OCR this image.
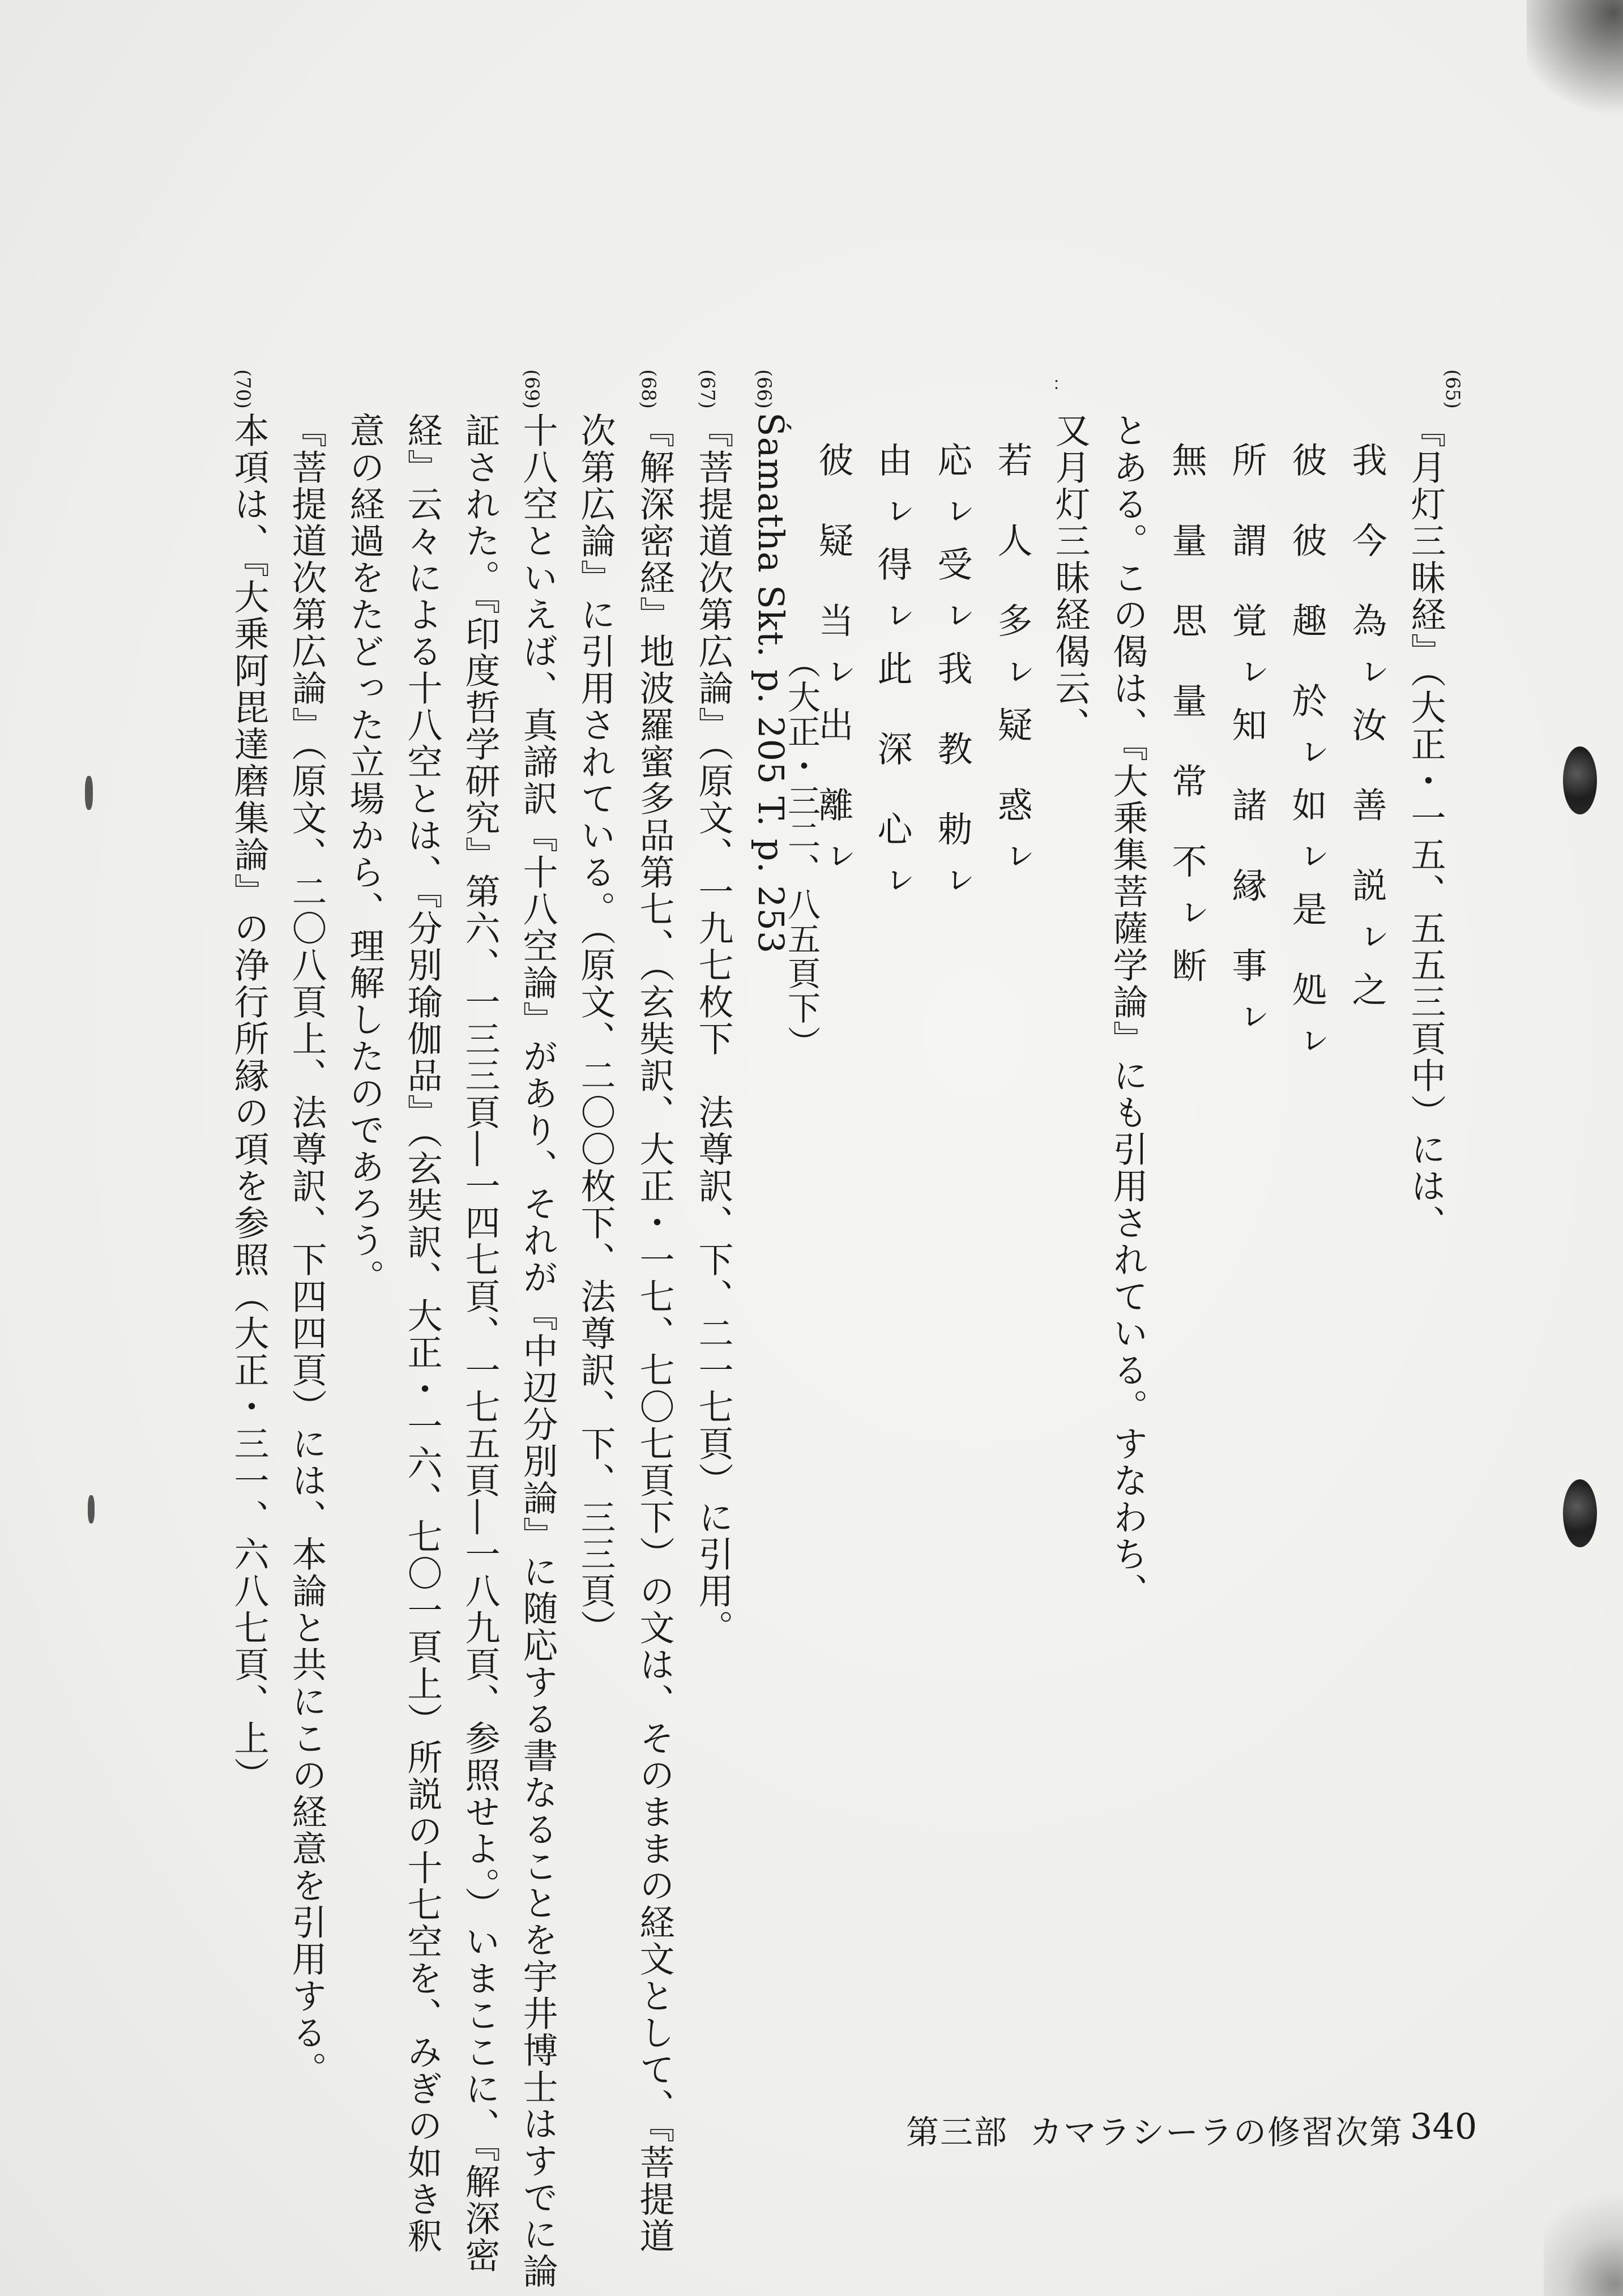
(65)
(66)
(67)
(68)
(69)
(70)
『月灯三昧経』（大正・一五、五五三頁中）には、
我 今 為ㇾ汝 善 説ㇾ之
彼 彼 趣 於ㇾ如ㇾ是 処ㇾ
所 謂 覚ㇾ知 諸 縁 事ㇾ
無 量 思 量 常 不ㇾ断
とある。この偈は、『大乗集菩薩学論』にも引用されている。すなわち、
又月灯三昧経偈云、
：
若 人 多ㇾ疑 惑ㇾ
応ㇾ受ㇾ我 教 勅ㇾ
由ㇾ得ㇾ此 深 心ㇾ
彼 疑 当ㇾ出 離ㇾ
（大正・三二、八五頁下）
Śamatha Skt. p. 205 T. p. 253
『菩提道次第広論』（原文、一九七枚下　法尊訳、下、二一七頁）に引用。
『解深密経』地波羅蜜多品第七、（玄奘訳、大正・一七、七〇七頁下）の文は、そのままの経文として、『菩提道
次第広論』に引用されている。（原文、二〇〇枚下、法尊訳、下、三三頁）
十八空といえば、真諦訳『十八空論』があり、それが『中辺分別論』に随応する書なることを宇井博士はすでに論
証された。『印度哲学研究』第六、一三三頁―一四七頁、一七五頁―一八九頁、参照せよ。）いまここに、『解深密
経』云々による十八空とは、『分別瑜伽品』（玄奘訳、大正・一六、七〇一頁上）所説の十七空を、みぎの如き釈
意の経過をたどった立場から、理解したのであろう。
『菩提道次第広論』（原文、二〇八頁上、法尊訳、下四四頁）には、本論と共にこの経意を引用する。
本項は、『大乗阿毘達磨集論』の浄行所縁の項を参照（大正・三一、六八七頁、上）
第三部 カマラシーラの修習次第 340
